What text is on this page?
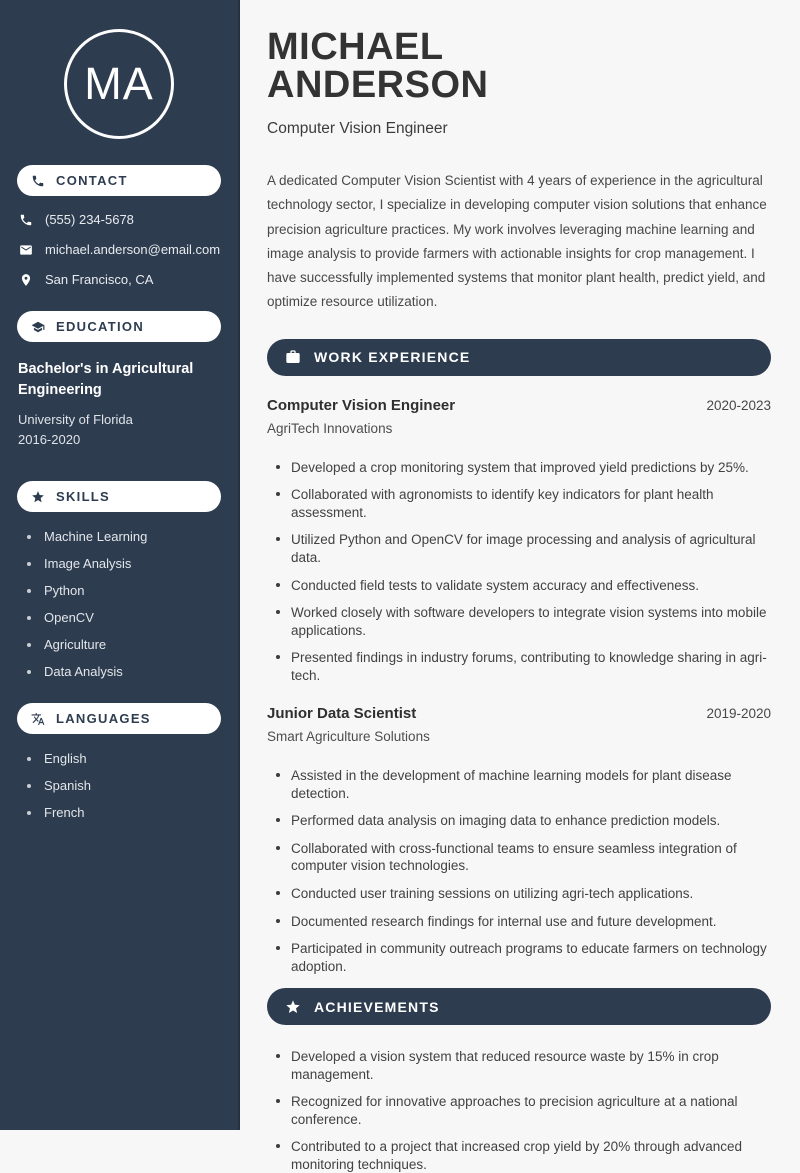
MA
CONTACT
(555) 234-5678
michael.anderson@email.com
San Francisco, CA
EDUCATION
Bachelor's in Agricultural Engineering
University of Florida
2016-2020
SKILLS
Machine Learning
Image Analysis
Python
OpenCV
Agriculture
Data Analysis
LANGUAGES
English
Spanish
French
MICHAEL
ANDERSON
Computer Vision Engineer

A dedicated Computer Vision Scientist with 4 years of experience in the agricultural technology sector, I specialize in developing computer vision solutions that enhance precision agriculture practices. My work involves leveraging machine learning and image analysis to provide farmers with actionable insights for crop management. I have successfully implemented systems that monitor plant health, predict yield, and optimize resource utilization.

WORK EXPERIENCE
Computer Vision Engineer	2020-2023
AgriTech Innovations
Developed a crop monitoring system that improved yield predictions by 25%.
Collaborated with agronomists to identify key indicators for plant health assessment.
Utilized Python and OpenCV for image processing and analysis of agricultural data.
Conducted field tests to validate system accuracy and effectiveness.
Worked closely with software developers to integrate vision systems into mobile applications.
Presented findings in industry forums, contributing to knowledge sharing in agri-tech.
Junior Data Scientist	2019-2020
Smart Agriculture Solutions
Assisted in the development of machine learning models for plant disease detection.
Performed data analysis on imaging data to enhance prediction models.
Collaborated with cross-functional teams to ensure seamless integration of computer vision technologies.
Conducted user training sessions on utilizing agri-tech applications.
Documented research findings for internal use and future development.
Participated in community outreach programs to educate farmers on technology adoption.
ACHIEVEMENTS
Developed a vision system that reduced resource waste by 15% in crop management.
Recognized for innovative approaches to precision agriculture at a national conference.
Contributed to a project that increased crop yield by 20% through advanced monitoring techniques.
